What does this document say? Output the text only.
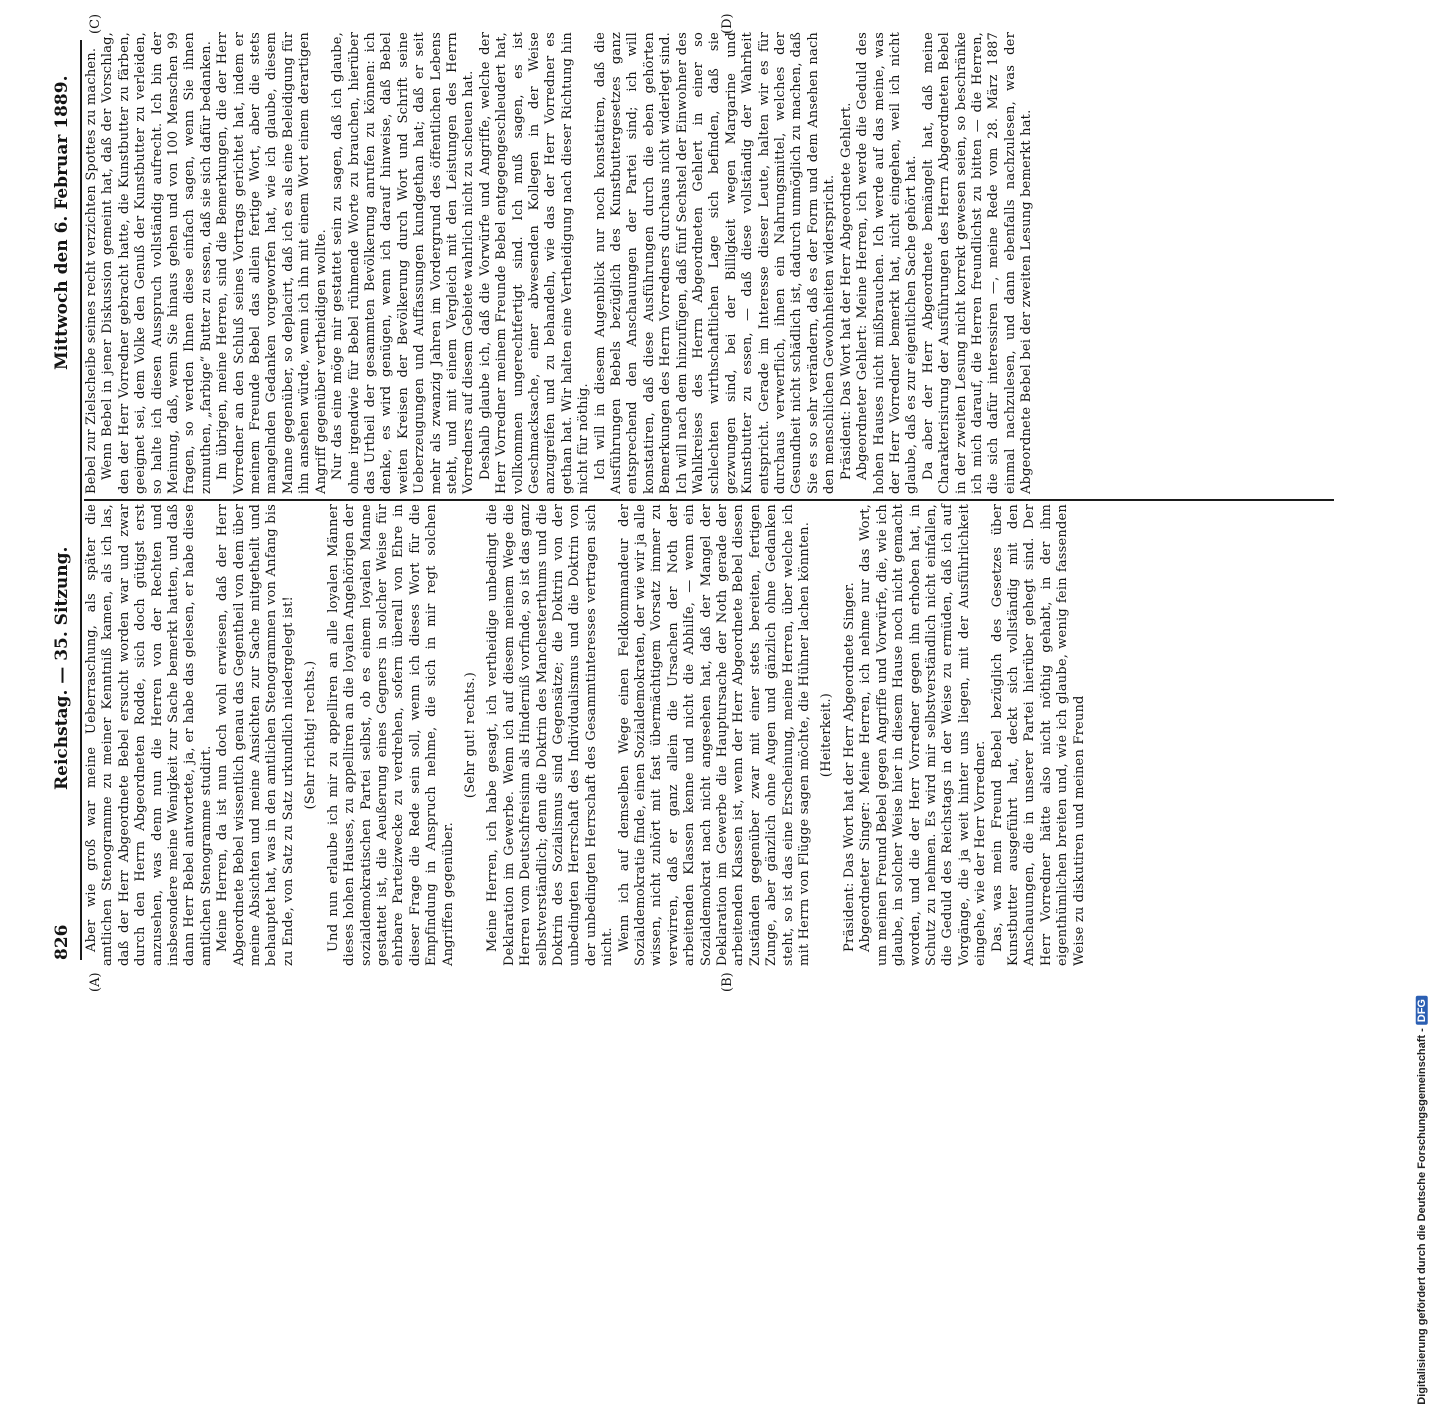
826
Reichstag. — 35. Sitzung.
Mittwoch den 6. Februar 1889.
(A)	(B)
(C)	(D)

Aber wie groß war meine Ueberraschung, als später die amtlichen Stenogramme zu meiner Kenntniß kamen, als ich las, daß der Herr Abgeordnete Bebel ersucht worden war und zwar durch den Herrn Abgeordneten Rodde, sich doch gütigst erst anzusehen, was denn nun die Herren von der Rechten und insbesondere meine Wenigkeit zur Sache bemerkt hatten, und daß dann Herr Bebel antwortete, ja, er habe das gelesen, er habe diese amtlichen Stenogramme studirt. Meine Herren, da ist nun doch wohl erwiesen, daß der Herr Abgeordnete Bebel wissentlich genau das Gegentheil von dem über meine Absichten und meine Ansichten zur Sache mitgetheilt und behauptet hat, was in den amtlichen Stenogrammen von Anfang bis zu Ende, von Satz zu Satz urkundlich niedergelegt ist! (Sehr richtig! rechts.) Und nun erlaube ich mir zu appelliren an alle loyalen Männer dieses hohen Hauses, zu appelliren an die loyalen Angehörigen der sozialdemokratischen Partei selbst, ob es einem loyalen Manne gestattet ist, die Aeußerung eines Gegners in solcher Weise für ehrbare Parteizwecke zu verdrehen, sofern überall von Ehre in dieser Frage die Rede sein soll, wenn ich dieses Wort für die Empfindung in Anspruch nehme, die sich in mir regt solchen Angriffen gegenüber.

(Sehr gut! rechts.) Meine Herren, ich habe gesagt, ich vertheidige unbedingt die Deklaration im Gewerbe. Wenn ich auf diesem meinem Wege die Herren vom Deutschfreisinn als Hinderniß vorfinde, so ist das ganz selbstverständlich; denn die Doktrin des Manchesterthums und die Doktrin des Sozialismus sind Gegensätze; die Doktrin von der unbedingten Herrschaft des Individualismus und die Doktrin von der unbedingten Herrschaft des Gesammtinteresses vertragen sich nicht. Wenn ich auf demselben Wege einen Feldkommandeur der Sozialdemokratie finde, einen Sozialdemokraten, der wie wir ja alle wissen, nicht zuhört mit fast übermächtigem Vorsatz immer zu verwirren, daß er ganz allein die Ursachen der Noth der arbeitenden Klassen kenne und nicht die Abhilfe, — wenn ein Sozialdemokrat nach nicht angesehen hat, daß der Mangel der Deklaration im Gewerbe die Hauptursache der Noth gerade der arbeitenden Klassen ist, wenn der Herr Abgeordnete Bebel diesen Zuständen gegenüber zwar mit einer stets bereiten, fertigen Zunge, aber gänzlich ohne Augen und gänzlich ohne Gedanken steht, so ist das eine Erscheinung, meine Herren, über welche ich mit Herrn von Flügge sagen möchte, die Hühner lachen könnten. (Heiterkeit.) Präsident: Das Wort hat der Herr Abgeordnete Singer. Abgeordneter Singer: Meine Herren, ich nehme nur das Wort, um meinen Freund Bebel gegen Angriffe und Vorwürfe, die, wie ich glaube, in solcher Weise hier in diesem Hause noch nicht gemacht worden, und die der Herr Vorredner gegen ihn erhoben hat, in Schutz zu nehmen. Es wird mir selbstverständlich nicht einfallen, die Geduld des Reichstags in der Weise zu ermüden, daß ich auf Vorgänge, die ja weit hinter uns liegen, mit der Ausführlichkeit eingehe, wie der Herr Vorredner. Das, was mein Freund Bebel bezüglich des Gesetzes über Kunstbutter ausgeführt hat, deckt sich vollständig mit den Anschauungen, die in unserer Partei hierüber gehegt sind. Der Herr Vorredner hätte also nicht nöthig gehabt, in der ihm eigenthümlichen breiten und, wie ich glaube, wenig fein fassenden Weise zu diskutiren und meinen Freund

Bebel zur Zielscheibe seines recht verzichten Spottes zu machen. Wenn Bebel in jener Diskussion gemeint hat, daß der Vorschlag, den der Herr Vorredner gebracht hatte, die Kunstbutter zu färben, geeignet sei, dem Volke den Genuß der Kunstbutter zu verleiden, so halte ich diesen Ausspruch vollständig aufrecht. Ich bin der Meinung, daß, wenn Sie hinaus gehen und von 100 Menschen 99 fragen, so werden Ihnen diese einfach sagen, wenn Sie ihnen zumuthen, „farbige“ Butter zu essen, daß sie sich dafür bedanken. Im übrigen, meine Herren, sind die Bemerkungen, die der Herr Vorredner an den Schluß seines Vortrags gerichtet hat, indem er meinem Freunde Bebel das allein fertige Wort, aber die stets mangelnden Gedanken vorgeworfen hat, wie ich glaube, diesem Manne gegenüber, so deplacirt, daß ich es als eine Beleidigung für ihn ansehen würde, wenn ich ihn mit einem Wort einem derartigen Angriff gegenüber vertheidigen wollte. Nur das eine möge mir gestattet sein zu sagen, daß ich glaube, ohne irgendwie für Bebel rühmende Worte zu brauchen, hierüber das Urtheil der gesammten Bevölkerung anrufen zu können: ich denke, es wird genügen, wenn ich darauf hinweise, daß Bebel weiten Kreisen der Bevölkerung durch Wort und Schrift seine Ueberzeugungen und Auffassungen kundgethan hat; daß er seit mehr als zwanzig Jahren im Vordergrund des öffentlichen Lebens steht, und mit einem Vergleich mit den Leistungen des Herrn Vorredners auf diesem Gebiete wahrlich nicht zu scheuen hat. Deshalb glaube ich, daß die Vorwürfe und Angriffe, welche der Herr Vorredner meinem Freunde Bebel entgegengeschleudert hat, vollkommen ungerechtfertigt sind. Ich muß sagen, es ist Geschmacksache, einer abwesenden Kollegen in der Weise anzugreifen und zu behandeln, wie das der Herr Vorredner es gethan hat. Wir halten eine Vertheidigung nach dieser Richtung hin nicht für nöthig. Ich will in diesem Augenblick nur noch konstatiren, daß die Ausführungen Bebels bezüglich des Kunstbuttergesetzes ganz entsprechend den Anschauungen der Partei sind; ich will konstatiren, daß diese Ausführungen durch die eben gehörten Bemerkungen des Herrn Vorredners durchaus nicht widerlegt sind. Ich will nach dem hinzufügen, daß fünf Sechstel der Einwohner des Wahlkreises des Herrn Abgeordneten Gehlert in einer so schlechten wirthschaftlichen Lage sich befinden, daß sie gezwungen sind, bei der Billigkeit wegen Margarine und Kunstbutter zu essen, — daß diese vollständig der Wahrheit entspricht. Gerade im Interesse dieser Leute, halten wir es für durchaus verwerflich, ihnen ein Nahrungsmittel, welches der Gesundheit nicht schädlich ist, dadurch unmöglich zu machen, daß Sie es so sehr verändern, daß es der Form und dem Ansehen nach den menschlichen Gewohnheiten widerspricht. Präsident: Das Wort hat der Herr Abgeordnete Gehlert. Abgeordneter Gehlert: Meine Herren, ich werde die Geduld des hohen Hauses nicht mißbrauchen. Ich werde auf das meine, was der Herr Vorredner bemerkt hat, nicht eingehen, weil ich nicht glaube, daß es zur eigentlichen Sache gehört hat. Da aber der Herr Abgeordnete bemängelt hat, daß meine Charakterisirung der Ausführungen des Herrn Abgeordneten Bebel in der zweiten Lesung nicht korrekt gewesen seien, so beschränke ich mich darauf, die Herren freundlichst zu bitten — die Herren, die sich dafür interessiren —, meine Rede vom 28. März 1887 einmal nachzulesen, und dann ebenfalls nachzulesen, was der Abgeordnete Bebel bei der zweiten Lesung bemerkt hat.

Digitalisierung gefördert durch die Deutsche Forschungsgemeinschaft -DFG
